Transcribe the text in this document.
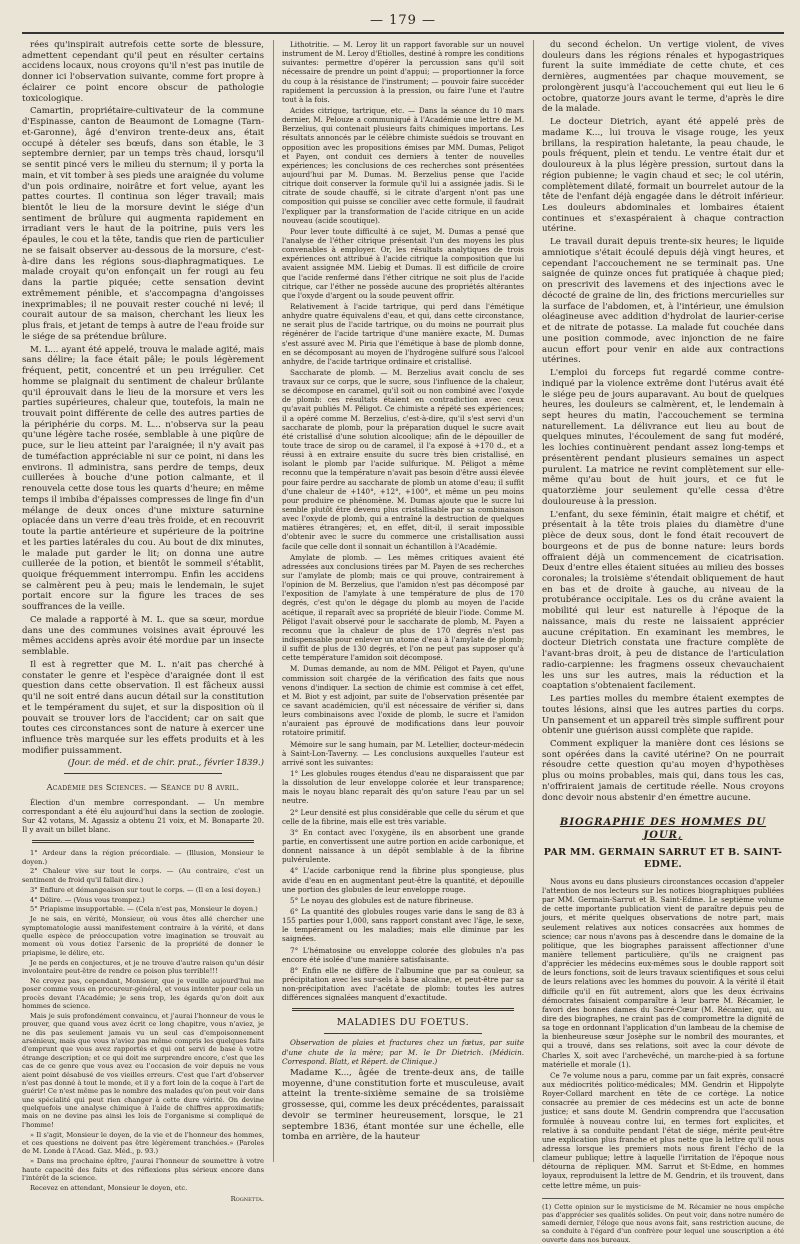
— 179 —

rées qu'inspirait autrefois cette sorte de blessure, admettent cependant qu'il peut en résulter certains accidens locaux, nous croyons qu'il n'est pas inutile de donner ici l'observation suivante, comme fort propre à éclairer ce point encore obscur de pathologie toxicologique.

Camartin, propriétaire-cultivateur de la commune d'Espinasse, canton de Beaumont de Lomagne (Tarn-et-Garonne), âgé d'environ trente-deux ans, était occupé à dételer ses bœufs, dans son étable, le 3 septembre dernier, par un temps très chaud, lorsqu'il se sentit pincé vers le milieu du sternum; il y porta la main, et vit tomber à ses pieds une araignée du volume d'un pois ordinaire, noirâtre et fort velue, ayant les pattes courtes. Il continua son léger travail; mais bientôt le lieu de la morsure devint le siége d'un sentiment de brûlure qui augmenta rapidement en irradiant vers le haut de la poitrine, puis vers les épaules, le cou et la tête, tandis que rien de particulier ne se faisait observer au-dessous de la morsure, c'est-à-dire dans les régions sous-diaphragmatiques. Le malade croyait qu'on enfonçait un fer rougi au feu dans la partie piquée; cette sensation devint extrêmement pénible, et s'accompagna d'angoisses inexprimables; il ne pouvait rester couché ni levé; il courait autour de sa maison, cherchant les lieux les plus frais, et jetant de temps à autre de l'eau froide sur le siége de sa prétendue brûlure.

M. L... ayant été appelé, trouva le malade agité, mais sans délire; la face était pâle; le pouls légèrement fréquent, petit, concentré et un peu irrégulier. Cet homme se plaignait du sentiment de chaleur brûlante qu'il éprouvait dans le lieu de la morsure et vers les parties supérieures, chaleur que, toutefois, la main ne trouvait point différente de celle des autres parties de la périphérie du corps. M. L... n'observa sur la peau qu'une légère tache rosée, semblable à une piqûre de puce, sur le lieu atteint par l'araignée; il n'y avait pas de tuméfaction appréciable ni sur ce point, ni dans les environs. Il administra, sans perdre de temps, deux cuillerées à bouche d'une potion calmante, et il renouvela cette dose tous les quarts d'heure; en même temps il imbiba d'épaisses compresses de linge fin d'un mélange de deux onces d'une mixture saturnine opiacée dans un verre d'eau très froide, et en recouvrit toute la partie antérieure et supérieure de la poitrine et les parties latérales du cou. Au bout de dix minutes, le malade put garder le lit; on donna une autre cuillerée de la potion, et bientôt le sommeil s'établit, quoique fréquemment interrompu. Enfin les accidens se calmèrent peu à peu; mais le lendemain, le sujet portait encore sur la figure les traces de ses souffrances de la veille.

Ce malade a rapporté à M. L. que sa sœur, mordue dans une des communes voisines avait éprouvé les mêmes accidens après avoir été mordue par un insecte semblable.

Il est à regretter que M. L. n'ait pas cherché à constater le genre et l'espèce d'araignée dont il est question dans cette observation. Il est fâcheux aussi qu'il ne soit entré dans aucun détail sur la constitution et le tempérament du sujet, et sur la disposition où il pouvait se trouver lors de l'accident; car on sait que toutes ces circonstances sont de nature à exercer une influence très marquée sur les effets produits et à les modifier puissamment.

(Jour. de méd. et de chir. prat., février 1839.)

Académie des Sciences. — Séance du 8 avril.
Élection d'un membre correspondant. — Un membre correspondant a été élu aujourd'hui dans la section de zoologie. Sur 42 votans, M. Agassiz a obtenu 21 voix, et M. Bonaparte 20. Il y avait un billet blanc.

1° Ardeur dans la région précordiale. — (Illusion, Monsieur le doyen.)

2° Chaleur vive sur tout le corps. — (Au contraire, c'est un sentiment de froid qu'il fallait dire.)

3° Enflure et démangeaison sur tout le corps. — (Il en a lesi doyen.)

4° Délire. — (Vous vous trompez.)

5° Priapisme insupportable. — (Cela n'est pas, Monsieur le doyen.)

Je ne sais, en vérité, Monsieur, où vous êtes allé chercher une symptomatologie aussi manifestement contraire à la vérité, et dans quelle espèce de préoccupation votre imagination se trouvait au moment où vous dotiez l'arsenic de la propriété de donner le priapisme, le délire, etc.

Je ne perds en conjectures, et je ne trouve d'autre raison qu'un désir involontaire peut-être de rendre ce poison plus terrible!!!

Ne croyez pas, cependant, Monsieur, que je veuille aujourd'hui me poser comme vous en procureur-général, et vous intenter pour cela un procès devant l'Académie; je sens trop, les égards qu'on doit aux hommes de science.

Mais je suis profondément convaincu, et j'aurai l'honneur de vous le prouver, que quand vous avez écrit ce long chapitre, vous n'aviez, je ne dis pas seulement jamais vu un seul cas d'empoisonnement arsénieux, mais que vous n'aviez pas même compris les quelques faits d'emprunt que vous avez rapportés et qui ont servi de base à votre étrange description; et ce qui doit me surprendre encore, c'est que les cas de ce genre que vous avez eu l'occasion de voir depuis ne vous aient point désabusé de vos vieilles erreurs. C'est que l'art d'observer n'est pas donné à tout le monde, et il y a fort loin de la coque à l'art de guérir! Ce n'est même pas le nombre des malades qu'on peut voir dans une spécialité qui peut rien changer à cette dure vérité. On devine quelquefois une analyse chimique à l'aide de chiffres approximatifs; mais on ne devine pas ainsi les lois de l'organisme si compliqué de l'homme!

» Il s'agit, Monsieur le doyen, de la vie et de l'honneur des hommes, et ces questions ne doivent pas être légèrement tranchées.» (Paroles de M. Londe à l'Acad. Gaz. Méd., p. 93.)

» Dans ma prochaine épître, j'aurai l'honneur de soumettre à votre haute capacité des faits et des réflexions plus sérieux encore dans l'intérêt de la science.

Recevez en attendant, Monsieur le doyen, etc.

Rognetta.

Lithotritie. — M. Leroy lit un rapport favorable sur un nouvel instrument de M. Leroy d'Etiolles, destiné à rompre les conditions suivantes: permettre d'opérer la percussion sans qu'il soit nécessaire de prendre un point d'appui; — proportionner la force du coup à la résistance de l'instrument; — pouvoir faire succéder rapidement la percussion à la pression, ou faire l'une et l'autre tout à la fois.

Acides citrique, tartrique, etc. — Dans la séance du 10 mars dernier, M. Pelouze a communiqué à l'Académie une lettre de M. Berzelius, qui contenait plusieurs faits chimiques importans. Les résultats annoncés par le célèbre chimiste suédois se trouvant en opposition avec les propositions émises par MM. Dumas, Peligot et Payen, ont conduit ces derniers à tenter de nouvelles expériences; les conclusions de ces recherches sont présentées aujourd'hui par M. Dumas. M. Berzelius pense que l'acide citrique doit conserver la formule qu'il lui a assignée jadis. Si le citrate de soude chauffé, si le citrate d'argent n'ont pas une composition qui puisse se concilier avec cette formule, il faudrait l'expliquer par la transformation de l'acide citrique en un acide nouveau (acide scoutique).

Pour lever toute difficulté à ce sujet, M. Dumas a pensé que l'analyse de l'éther citrique présentait l'un des moyens les plus convenables à employer. Or, les résultats analytiques de trois expériences ont attribué à l'acide citrique la composition que lui avaient assignée MM. Liebig et Dumas. Il est difficile de croire que l'acide renfermé dans l'éther citrique ne soit plus de l'acide citrique, car l'éther ne possède aucune des propriétés altérantes que l'oxyde d'argent ou la soude peuvent offrir.

Relativement à l'acide tartrique, qui perd dans l'émétique anhydre quatre équivalens d'eau, et qui, dans cette circonstance, ne serait plus de l'acide tartrique, ou du moins ne pourrait plus régénérer de l'acide tartrique d'une manière exacte, M. Dumas s'est assuré avec M. Piria que l'émétique à base de plomb donne, en se décomposant au moyen de l'hydrogène sulfuré sous l'alcool anhydre, de l'acide tartrique ordinaire et cristallisé.

Saccharate de plomb. — M. Berzelius avait conclu de ses travaux sur ce corps, que le sucre, sous l'influence de la chaleur, se décompose en caramel, qu'il soit ou non combiné avec l'oxyde de plomb: ces résultats étaient en contradiction avec ceux qu'avait publiés M. Péligot. Ce chimiste a répété ses expériences; il a opéré comme M. Berzelius, c'est-à-dire, qu'il s'est servi d'un saccharate de plomb, pour la préparation duquel le sucre avait été cristallisé d'une solution alcoolique; afin de le dépouiller de toute trace de sirop ou de caramel, il l'a exposé à +170 d., et a réussi à en extraire ensuite du sucre très bien cristallisé, en isolant le plomb par l'acide sulfurique. M. Péligot a même reconnu que la température n'avait pas besoin d'être aussi élevée pour faire perdre au saccharate de plomb un atome d'eau; il suffit d'une chaleur de +140°, +12°, +100°, et même un peu moins pour produire ce phénomène. M. Dumas ajoute que le sucre lui semble plutôt être devenu plus cristallisable par sa combinaison avec l'oxyde de plomb, qui a entraîné la destruction de quelques matières étrangères; et, en effet, dit-il, il serait impossible d'obtenir avec le sucre du commerce une cristallisation aussi facile que celle dont il sonnait un échantillon à l'Académie.

Amylate de plomb. — Les mêmes critiques avaient été adressées aux conclusions tirées par M. Payen de ses recherches sur l'amylate de plomb; mais ce qui prouve, contrairement à l'opinion de M. Berzelius, que l'amidon n'est pas décomposé par l'exposition de l'amylate à une température de plus de 170 degrés, c'est qu'on le dégage du plomb au moyen de l'acide acétique, il reparaît avec sa propriété de bleuir l'iode. Comme M. Péligot l'avait observé pour le saccharate de plomb, M. Payen a reconnu que la chaleur de plus de 170 degrés n'est pas indispensable pour enlever un atome d'eau à l'amylate de plomb; il suffit de plus de 130 degrés, et l'on ne peut pas supposer qu'à cette température l'amidon soit décomposé.

M. Dumas demande, au nom de MM. Péligot et Payen, qu'une commission soit chargée de la vérification des faits que nous venons d'indiquer. La section de chimie est commise à cet effet, et M. Biot y est adjoint, par suite de l'observation présentée par ce savant académicien, qu'il est nécessaire de vérifier si, dans leurs combinaisons avec l'oxide de plomb, le sucre et l'amidon n'auraient pas éprouvé de modifications dans leur pouvoir rotatoire primitif.

Mémoire sur le sang humain, par M. Letellier, docteur-médecin à Saint-Lon-Taverny. — Les conclusions auxquelles l'auteur est arrivé sont les suivantes:

1° Les globules rouges étendus d'eau ne disparaissent que par la dissolution de leur enveloppe colorée et leur transparence; mais le noyau blanc reparaît dès qu'on sature l'eau par un sel neutre.

2° Leur densité est plus considérable que celle du sérum et que celle de la fibrine, mais elle est très variable.

3° En contact avec l'oxygène, ils en absorbent une grande partie, en convertissent une autre portion en acide carbonique, et donnent naissance à un dépôt semblable à de la fibrine pulvérulente.

4° L'acide carbonique rend la fibrine plus spongieuse, plus avide d'eau en en augmentant peut-être la quantité, et dépouille une portion des globules de leur enveloppe rouge.

5° Le noyau des globules est de nature fibrineuse.

6° La quantité des globules rouges varie dans le sang de 83 à 155 parties pour 1,000, sans rapport constant avec l'âge, le sexe, le tempérament ou les maladies; mais elle diminue par les saignées.

7° L'hématosine ou enveloppe colorée des globules n'a pas encore été isolée d'une manière satisfaisante.

8° Enfin elle ne diffère de l'albumine que par sa couleur, sa précipitation avec les sur-sels à base alcaline, et peut-être par sa non-précipitation avec l'acétate de plomb: toutes les autres différences signalées manquent d'exactitude.

MALADIES DU FOETUS.

Observation de plaies et fractures chez un fœtus, par suite d'une chute de la mère; par M. le Dr Dietrich. (Médicin. Correspond. Blatt, et Répert. de Clinique.)

Madame K..., âgée de trente-deux ans, de taille moyenne, d'une constitution forte et musculeuse, avait atteint la trente-sixième semaine de sa troisième grossesse, qui, comme les deux précédentes, paraissait devoir se terminer heureusement, lorsque, le 21 septembre 1836, étant montée sur une échelle, elle tomba en arrière, de la hauteur

du second échelon. Un vertige violent, de vives douleurs dans les régions rénales et hypogastriques furent la suite immédiate de cette chute, et ces dernières, augmentées par chaque mouvement, se prolongèrent jusqu'à l'accouchement qui eut lieu le 6 octobre, quatorze jours avant le terme, d'après le dire de la malade.

Le docteur Dietrich, ayant été appelé près de madame K..., lui trouva le visage rouge, les yeux brillans, la respiration haletante, la peau chaude, le pouls fréquent, plein et tendu. Le ventre était dur et douloureux à la plus légère pression, surtout dans la région pubienne; le vagin chaud et sec; le col utérin, complètement dilaté, formait un bourrelet autour de la tête de l'enfant déjà engagée dans le détroit inférieur. Les douleurs abdominales et lombaires étaient continues et s'exaspéraient à chaque contraction utérine.

Le travail durait depuis trente-six heures; le liquide amniotique s'était écoulé depuis déjà vingt heures, et cependant l'accouchement ne se terminait pas. Une saignée de quinze onces fut pratiquée à chaque pied; on prescrivit des lavemens et des injections avec le décocté de graine de lin, des frictions mercurielles sur la surface de l'abdomen, et, à l'intérieur, une émulsion oléagineuse avec addition d'hydrolat de laurier-cerise et de nitrate de potasse. La malade fut couchée dans une position commode, avec injonction de ne faire aucun effort pour venir en aide aux contractions utérines.

L'emploi du forceps fut regardé comme contre-indiqué par la violence extrême dont l'utérus avait été le siége peu de jours auparavant. Au bout de quelques heures, les douleurs se calmèrent, et, le lendemain à sept heures du matin, l'accouchement se termina naturellement. La délivrance eut lieu au bout de quelques minutes, l'écoulement de sang fut modéré, les lochies continuèrent pendant assez long-temps et présentèrent pendant plusieurs semaines un aspect purulent. La matrice ne revint complètement sur elle-même qu'au bout de huit jours, et ce fut le quatorzième jour seulement qu'elle cessa d'être douloureuse à la pression.

L'enfant, du sexe féminin, était maigre et chétif, et présentait à la tête trois plaies du diamètre d'une pièce de deux sous, dont le fond était recouvert de bourgeons et de pus de bonne nature: leurs bords offraient déjà un commencement de cicatrisation. Deux d'entre elles étaient situées au milieu des bosses coronales; la troisième s'étendait obliquement de haut en bas et de droite à gauche, au niveau de la protubérance occipitale. Les os du crâne avaient la mobilité qui leur est naturelle à l'époque de la naissance, mais du reste ne laissaient apprécier aucune crépitation. En examinant les membres, le docteur Dietrich constata une fracture complète de l'avant-bras droit, à peu de distance de l'articulation radio-carpienne: les fragmens osseux chevauchaient les uns sur les autres, mais la réduction et la coaptation s'obtenaient facilement.

Les parties molles du membre étaient exemptes de toutes lésions, ainsi que les autres parties du corps. Un pansement et un appareil très simple suffirent pour obtenir une guérison aussi complète que rapide.

Comment expliquer la manière dont ces lésions se sont opérées dans la cavité utérine? On ne pourrait résoudre cette question qu'au moyen d'hypothèses plus ou moins probables, mais qui, dans tous les cas, n'offriraient jamais de certitude réelle. Nous croyons donc devoir nous abstenir d'en émettre aucune.

BIOGRAPHIE DES HOMMES DU JOUR,
PAR MM. GERMAIN SARRUT ET B. SAINT-EDME.

Nous avons eu dans plusieurs circonstances occasion d'appeler l'attention de nos lecteurs sur les notices biographiques publiées par MM. Germain-Sarrut et B. Saint-Edme. Le septième volume de cette importante publication vient de paraître depuis peu de jours, et mérite quelques observations de notre part, mais seulement relatives aux notices consacrées aux hommes de science; car nous n'avons pas à descendre dans le domaine de la politique, que les biographes paraissent affectionner d'une manière tellement particulière, qu'ils ne craignent pas d'apprécier les médecins eux-mêmes sous le double rapport soit de leurs fonctions, soit de leurs travaux scientifiques et sous celui de leurs relations avec les hommes du pouvoir. A la vérité il était difficile qu'il en fût autrement, alors que les deux écrivains démocrates faisaient comparaître à leur barre M. Récamier, le favori des bonnes dames du Sacré-Cœur (M. Récamier, qui, au dire des biographes, ne craint pas de compromettre la dignité de sa toge en ordonnant l'application d'un lambeau de la chemise de la bienheureuse sœur Josèphe sur le nombril des mourantes, et qui a trouvé, dans ses relations, soit avec la cour dévote de Charles X, soit avec l'archevêché, un marche-pied à sa fortune matérielle et morale (1).

Ce 7e volume nous a paru, comme par un fait exprès, consacré aux médiocrités politico-médicales; MM. Gendrin et Hippolyte Royer-Collard marchent en tête de ce cortège. La notice consacrée au premier de ces médecins est un acte de bonne justice; et sans doute M. Gendrin comprendra que l'accusation formulée à nouveau contre lui, en termes fort explicites, et relative à sa conduite pendant l'état de siége, mérite peut-être une explication plus franche et plus nette que la lettre qu'il nous adressa lorsque les premiers mots nous firent l'écho de la clameur publique; lettre à laquelle l'irritation de l'époque nous détourna de répliquer. MM. Sarrut et St-Edme, en hommes loyaux, reproduisent la lettre de M. Gendrin, et ils trouvent, dans cette lettre même, un puis-

(1) Cette opinion sur le mysticisme de M. Récamier ne nous empêche pas d'apprécier ses qualités solides. On peut voir, dans notre numéro de samedi dernier, l'éloge que nous avons fait, sans restriction aucune, de sa conduite à l'égard d'un confrère pour lequel une souscription a été ouverte dans nos bureaux.
